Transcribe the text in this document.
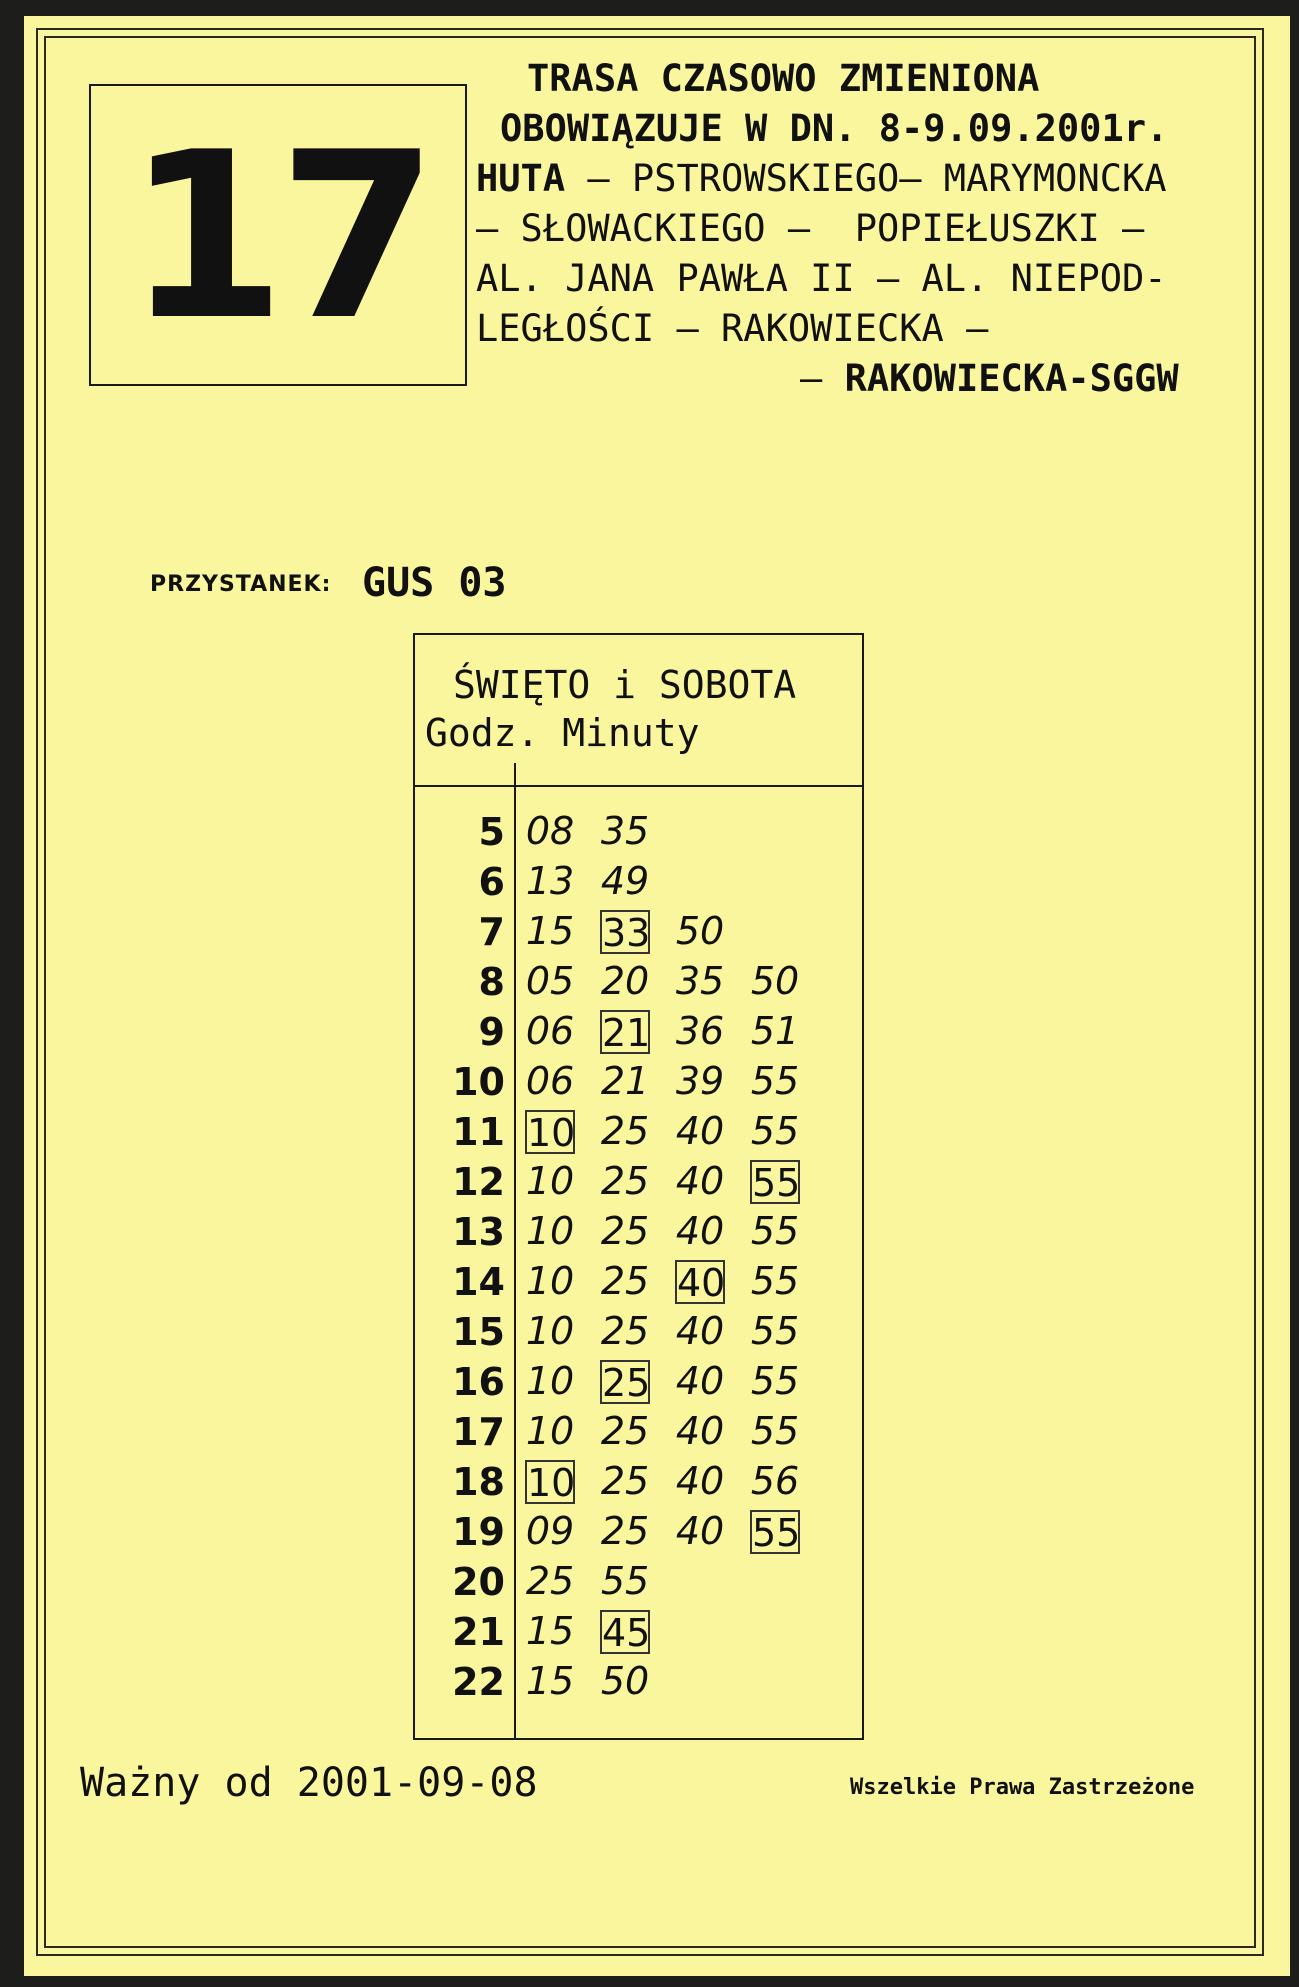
17
TRASA CZASOWO ZMIENIONA
OBOWIĄZUJE W DN. 8-9.09.2001r.
HUTA – PSTROWSKIEGO– MARYMONCKA
– SŁOWACKIEGO –  POPIEŁUSZKI –
AL. JANA PAWŁA II – AL. NIEPOD-
LEGŁOŚCI – RAKOWIECKA –
– RAKOWIECKA-SGGW
PRZYSTANEK: GUS 03
ŚWIĘTO i SOBOTA
Godz. Minuty
5 08 35
6 13 49
7 15 33 50
8 05 20 35 50
9 06 21 36 51
10 06 21 39 55
11 10 25 40 55
12 10 25 40 55
13 10 25 40 55
14 10 25 40 55
15 10 25 40 55
16 10 25 40 55
17 10 25 40 55
18 10 25 40 56
19 09 25 40 55
20 25 55
21 15 45
22 15 50
Ważny od 2001-09-08	Wszelkie Prawa Zastrzeżone
